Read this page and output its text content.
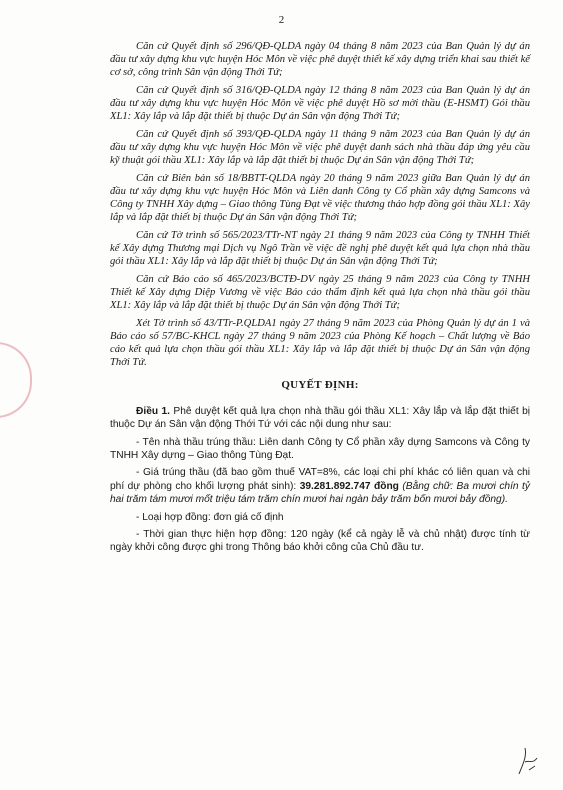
2

Căn cứ Quyết định số 296/QĐ-QLDA ngày 04 tháng 8 năm 2023 của Ban Quản lý dự án đầu tư xây dựng khu vực huyện Hóc Môn về việc phê duyệt thiết kế xây dựng triển khai sau thiết kế cơ sở, công trình Sân vận động Thới Tứ;

Căn cứ Quyết định số 316/QĐ-QLDA ngày 12 tháng 8 năm 2023 của Ban Quản lý dự án đầu tư xây dựng khu vực huyện Hóc Môn về việc phê duyệt Hồ sơ mời thầu (E-HSMT) Gói thầu XL1: Xây lắp và lắp đặt thiết bị thuộc Dự án Sân vận động Thới Tứ;

Căn cứ Quyết định số 393/QĐ-QLDA ngày 11 tháng 9 năm 2023 của Ban Quản lý dự án đầu tư xây dựng khu vực huyện Hóc Môn về việc phê duyệt danh sách nhà thầu đáp ứng yêu cầu kỹ thuật gói thầu XL1: Xây lắp và lắp đặt thiết bị thuộc Dự án Sân vận động Thới Tứ;

Căn cứ Biên bản số 18/BBTT-QLDA ngày 20 tháng 9 năm 2023 giữa Ban Quản lý dự án đầu tư xây dựng khu vực huyện Hóc Môn và Liên danh Công ty Cổ phần xây dựng Samcons và Công ty TNHH Xây dựng – Giao thông Tùng Đạt về việc thương thảo hợp đồng gói thầu XL1: Xây lắp và lắp đặt thiết bị thuộc Dự án Sân vận động Thới Tứ;

Căn cứ Tờ trình số 565/2023/TTr-NT ngày 21 tháng 9 năm 2023 của Công ty TNHH Thiết kế Xây dựng Thương mại Dịch vụ Ngô Trần về việc đề nghị phê duyệt kết quả lựa chọn nhà thầu gói thầu XL1: Xây lắp và lắp đặt thiết bị thuộc Dự án Sân vận động Thới Tứ;

Căn cứ Báo cáo số 465/2023/BCTĐ-DV ngày 25 tháng 9 năm 2023 của Công ty TNHH Thiết kế Xây dựng Diệp Vương về việc Báo cáo thẩm định kết quả lựa chọn nhà thầu gói thầu XL1: Xây lắp và lắp đặt thiết bị thuộc Dự án Sân vận động Thới Tứ;

Xét Tờ trình số 43/TTr-P.QLDA1 ngày 27 tháng 9 năm 2023 của Phòng Quản lý dự án 1 và Báo cáo số 57/BC-KHCL ngày 27 tháng 9 năm 2023 của Phòng Kế hoạch – Chất lượng về Báo cáo kết quả lựa chọn thầu gói thầu XL1: Xây lắp và lắp đặt thiết bị thuộc Dự án Sân vận động Thới Tứ.

QUYẾT ĐỊNH:

Điều 1. Phê duyệt kết quả lựa chọn nhà thầu gói thầu XL1: Xây lắp và lắp đặt thiết bị thuộc Dự án Sân vận động Thới Tứ với các nội dung như sau:

- Tên nhà thầu trúng thầu: Liên danh Công ty Cổ phần xây dựng Samcons và Công ty TNHH Xây dựng – Giao thông Tùng Đạt.

- Giá trúng thầu (đã bao gồm thuế VAT=8%, các loại chi phí khác có liên quan và chi phí dự phòng cho khối lượng phát sinh): 39.281.892.747 đồng (Bằng chữ: Ba mươi chín tỷ hai trăm tám mươi mốt triệu tám trăm chín mươi hai ngàn bảy trăm bốn mươi bảy đồng).

- Loại hợp đồng: đơn giá cố định

- Thời gian thực hiện hợp đồng: 120 ngày (kể cả ngày lễ và chủ nhật) được tính từ ngày khởi công được ghi trong Thông báo khởi công của Chủ đầu tư.
